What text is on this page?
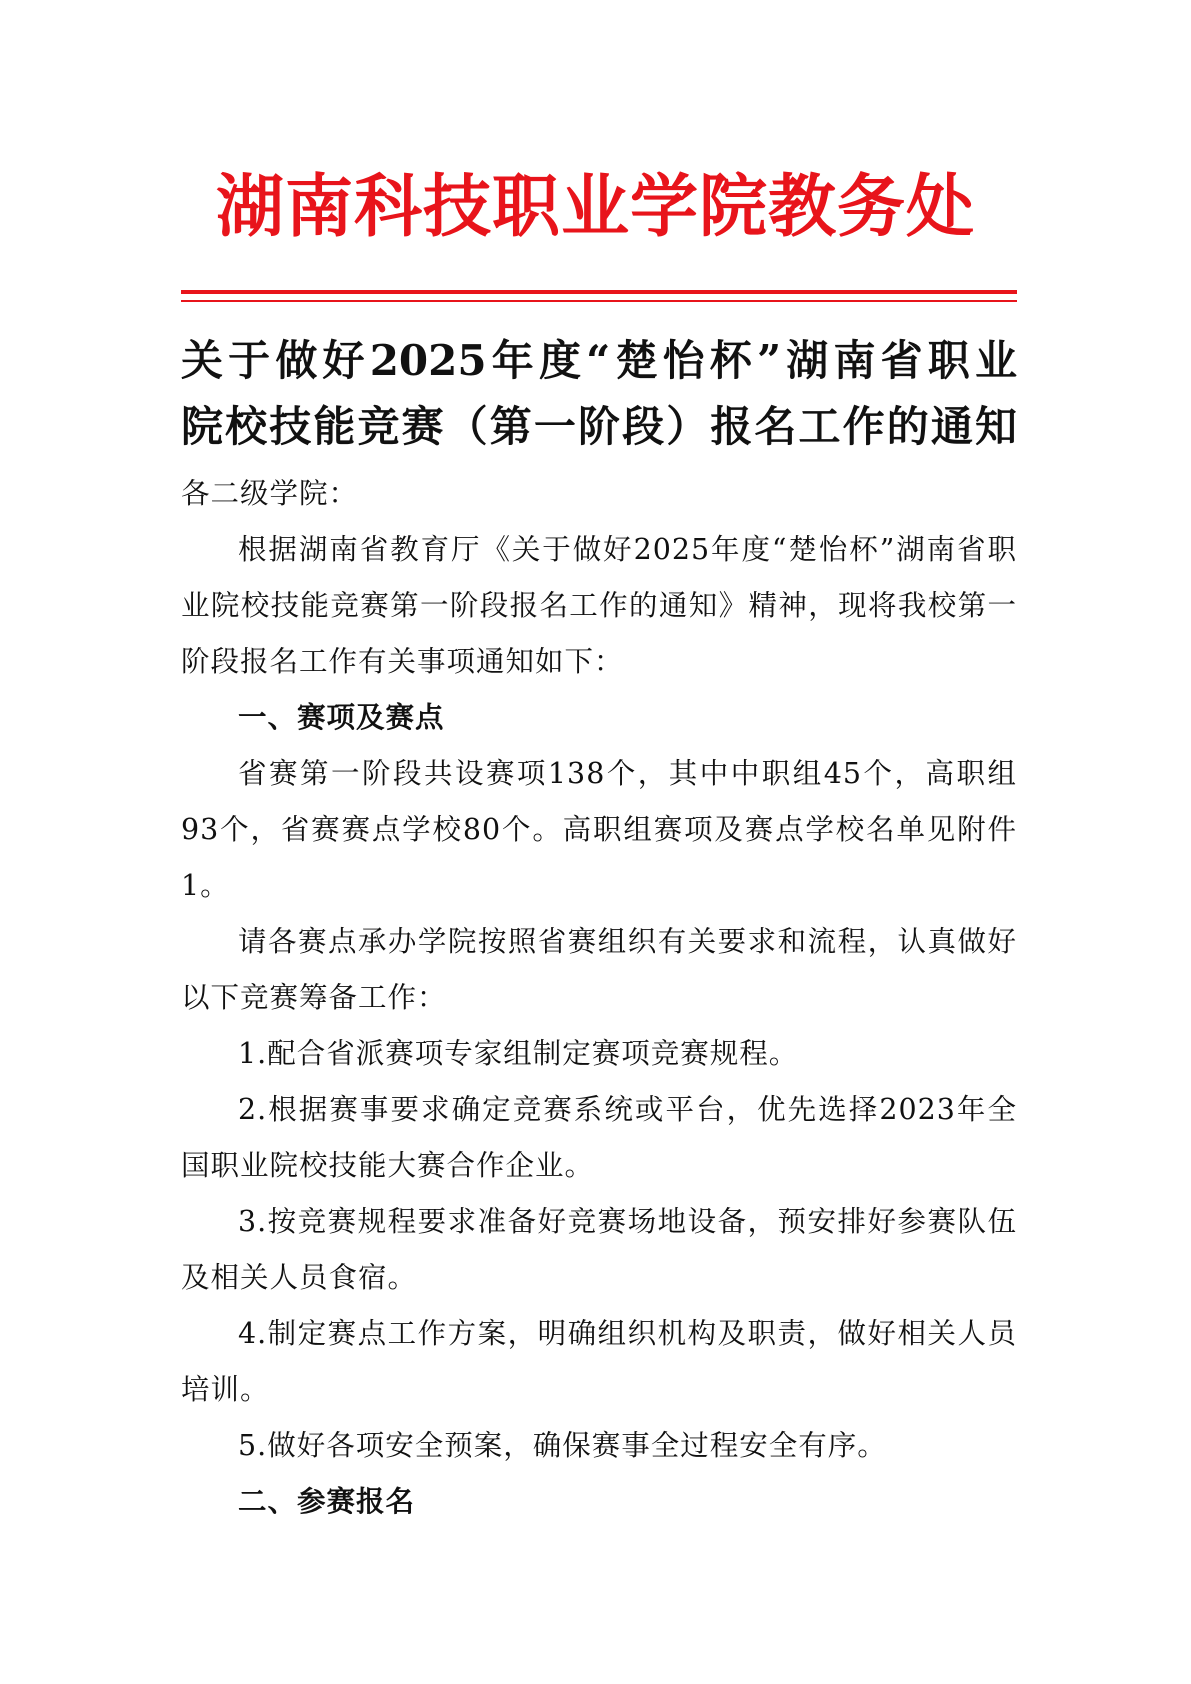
湖南科技职业学院教务处
关于做好2025年度“楚怡杯”湖南省职业
院校技能竞赛（第一阶段）报名工作的通知

各二级学院：

根据湖南省教育厅《关于做好2025年度“楚怡杯”湖南省职业院校技能竞赛第一阶段报名工作的通知》精神，现将我校第一阶段报名工作有关事项通知如下：

一、赛项及赛点

省赛第一阶段共设赛项138个，其中中职组45个，高职组93个，省赛赛点学校80个。高职组赛项及赛点学校名单见附件1。

请各赛点承办学院按照省赛组织有关要求和流程，认真做好以下竞赛筹备工作：

1.配合省派赛项专家组制定赛项竞赛规程。

2.根据赛事要求确定竞赛系统或平台，优先选择2023年全国职业院校技能大赛合作企业。

3.按竞赛规程要求准备好竞赛场地设备，预安排好参赛队伍及相关人员食宿。

4.制定赛点工作方案，明确组织机构及职责，做好相关人员培训。

5.做好各项安全预案，确保赛事全过程安全有序。

二、参赛报名
